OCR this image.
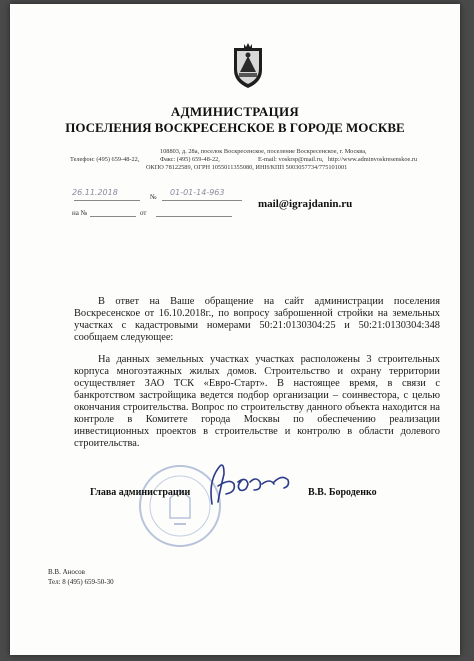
АДМИНИСТРАЦИЯ
ПОСЕЛЕНИЯ ВОСКРЕСЕНСКОЕ В ГОРОДЕ МОСКВЕ
108803, д. 28а, поселок Воскресенское, поселение Воскресенское, г. Москва,
Телефон: (495) 659-48-22,	Факс: (495) 659-48-22,	E-mail: voskrsp@mail.ru, http://www.adminvoskresenskoe.ru
ОКПО 78122589, ОГРН 1055011355080, ИНН/КПП 5003057734/775101001
26.11.2018	№ 01-01-14-963
на №	от
mail@igrajdanin.ru
В ответ на Ваше обращение на сайт администрации поселения Воскресенское от 16.10.2018г., по вопросу заброшенной стройки на земельных участках с кадастровыми номерами 50:21:0130304:25 и 50:21:0130304:348 сообщаем следующее:
На данных земельных участках участках расположены 3 строительных корпуса многоэтажных жилых домов. Строительство и охрану территории осуществляет ЗАО ТСК «Евро-Старт». В настоящее время, в связи с банкротством застройщика ведется подбор организации – соинвестора, с целью окончания строительства. Вопрос по строительству данного объекта находится на контроле в Комитете города Москвы по обеспечению реализации инвестиционных проектов в строительстве и контролю в области долевого строительства.
Глава администрации	В.В. Бороденко
В.В. Аносов
Тел: 8 (495) 659-50-30
